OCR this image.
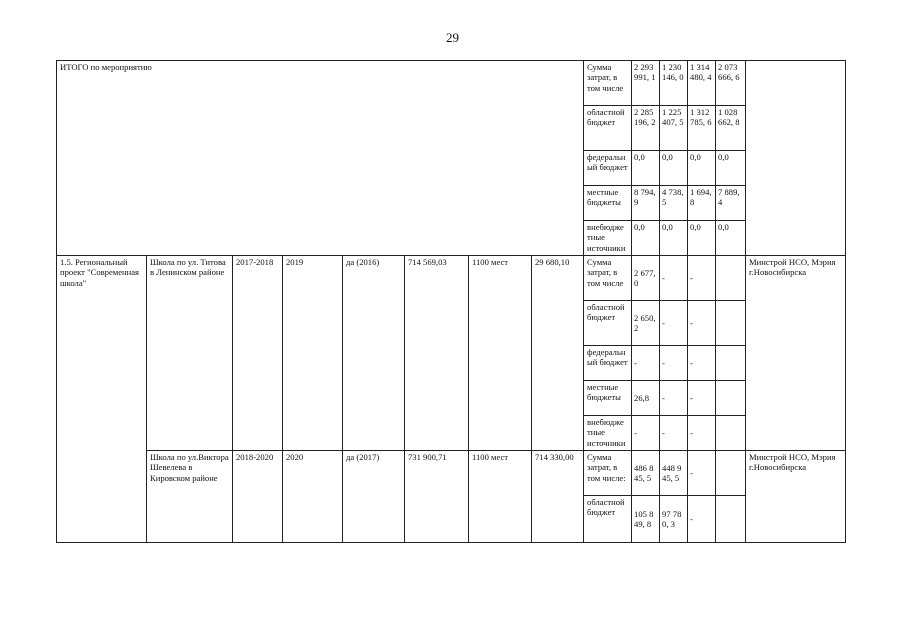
29
ИТОГО по мероприятию								Сумма затрат, в том числе	2 293 991, 1	1 230 146, 0	1 314 480, 4	2 073 666, 6	
								областной бюджет	2 285 196, 2	1 225 407, 5	1 312 785, 6	1 028 662, 8	
								федеральн ый бюджет	0,0	0,0	0,0	0,0	
								местные бюджеты	8 794, 9	4 738, 5	1 694, 8	7 889, 4	
								внебюдже тные источники	0,0	0,0	0,0	0,0	
1.5. Региональный проект "Современная школа"	Школа по ул. Титова в Ленинском районе	2017-2018	2019	да (2016)	714 569,03	1100 мест	29 680,10	Сумма затрат, в том числе	2 677, 0	-	-		Минстрой НСО, Мэрия г.Новосибирска
								областной бюджет	2 650, 2	-	-		
								федеральн ый бюджет	-	-	-		
								местные бюджеты	26,8	-	-		
								внебюдже тные источники	-	-	-		
	Школа по ул.Виктора Шевелева в Кировском районе	2018-2020	2020	да (2017)	731 900,71	1100 мест	714 330,00	Сумма затрат, в том числе:	486 845, 5	448 945, 5	-		Минстрой НСО, Мэрия г.Новосибирска
								областной бюджет	105 849, 8	97 780, 3	-		
